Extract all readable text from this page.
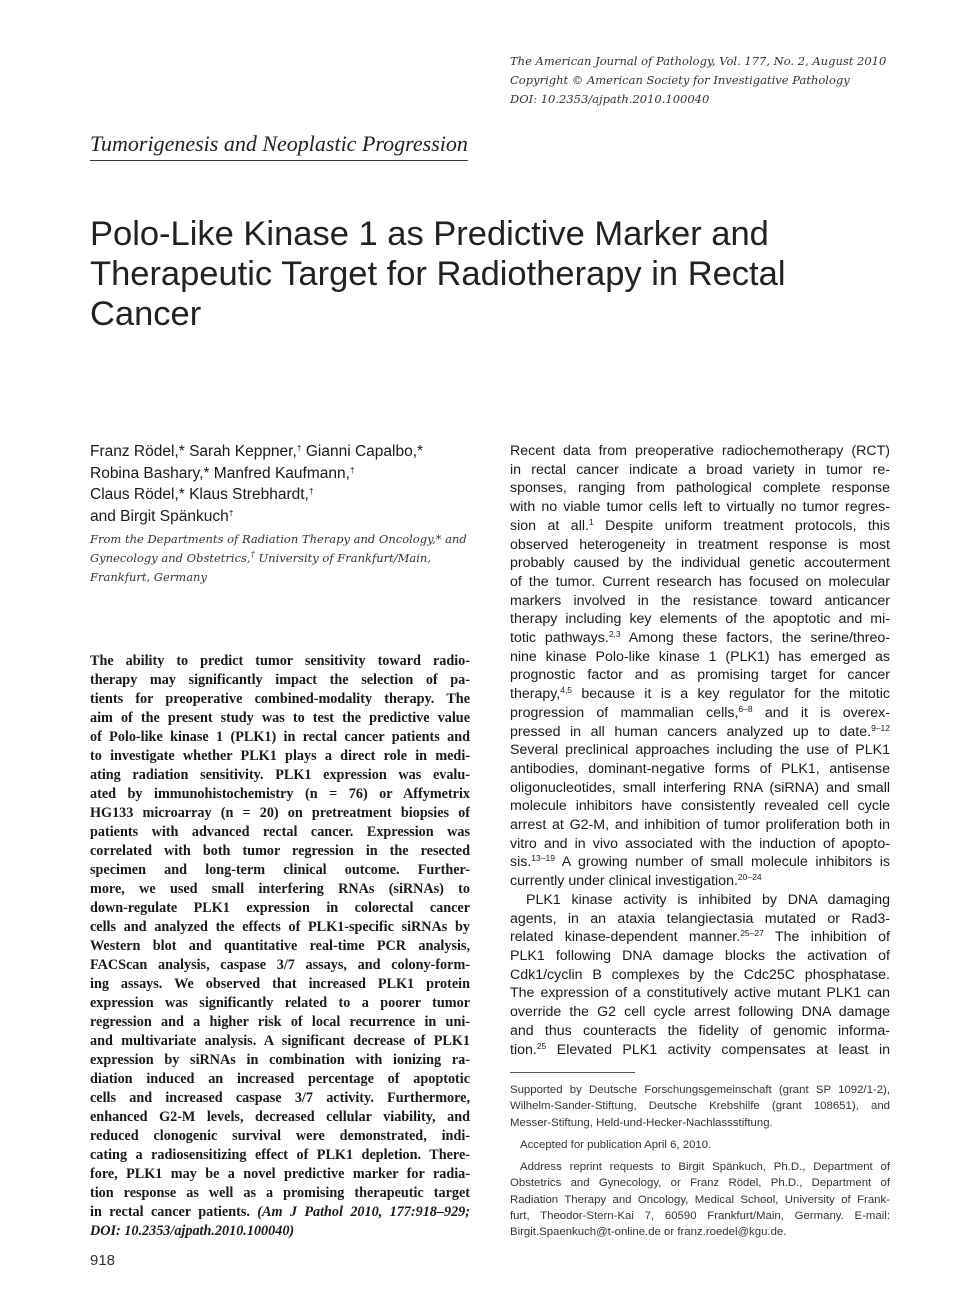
The American Journal of Pathology, Vol. 177, No. 2, August 2010
Copyright © American Society for Investigative Pathology
DOI: 10.2353/ajpath.2010.100040
Tumorigenesis and Neoplastic Progression
Polo-Like Kinase 1 as Predictive Marker and
Therapeutic Target for Radiotherapy in Rectal
Cancer
Franz Rödel,* Sarah Keppner,† Gianni Capalbo,*
Robina Bashary,* Manfred Kaufmann,†
Claus Rödel,* Klaus Strebhardt,†
and Birgit Spänkuch†
From the Departments of Radiation Therapy and Oncology,* and
Gynecology and Obstetrics,† University of Frankfurt/Main,
Frankfurt, Germany
The ability to predict tumor sensitivity toward radio-
therapy may significantly impact the selection of pa-
tients for preoperative combined-modality therapy. The
aim of the present study was to test the predictive value
of Polo-like kinase 1 (PLK1) in rectal cancer patients and
to investigate whether PLK1 plays a direct role in medi-
ating radiation sensitivity. PLK1 expression was evalu-
ated by immunohistochemistry (n = 76) or Affymetrix
HG133 microarray (n = 20) on pretreatment biopsies of
patients with advanced rectal cancer. Expression was
correlated with both tumor regression in the resected
specimen and long-term clinical outcome. Further-
more, we used small interfering RNAs (siRNAs) to
down-regulate PLK1 expression in colorectal cancer
cells and analyzed the effects of PLK1-specific siRNAs by
Western blot and quantitative real-time PCR analysis,
FACScan analysis, caspase 3/7 assays, and colony-form-
ing assays. We observed that increased PLK1 protein
expression was significantly related to a poorer tumor
regression and a higher risk of local recurrence in uni-
and multivariate analysis. A significant decrease of PLK1
expression by siRNAs in combination with ionizing ra-
diation induced an increased percentage of apoptotic
cells and increased caspase 3/7 activity. Furthermore,
enhanced G2-M levels, decreased cellular viability, and
reduced clonogenic survival were demonstrated, indi-
cating a radiosensitizing effect of PLK1 depletion. There-
fore, PLK1 may be a novel predictive marker for radia-
tion response as well as a promising therapeutic target
in rectal cancer patients. (Am J Pathol 2010, 177:918–929;
DOI: 10.2353/ajpath.2010.100040)
Recent data from preoperative radiochemotherapy (RCT)
in rectal cancer indicate a broad variety in tumor re-
sponses, ranging from pathological complete response
with no viable tumor cells left to virtually no tumor regres-
sion at all.$^1$ Despite uniform treatment protocols, this
observed heterogeneity in treatment response is most
probably caused by the individual genetic accouterment
of the tumor. Current research has focused on molecular
markers involved in the resistance toward anticancer
therapy including key elements of the apoptotic and mi-
totic pathways.$^{2,3}$ Among these factors, the serine/threo-
nine kinase Polo-like kinase 1 (PLK1) has emerged as
prognostic factor and as promising target for cancer
therapy,$^{4,5}$ because it is a key regulator for the mitotic
progression of mammalian cells,$^{6-8}$ and it is overex-
pressed in all human cancers analyzed up to date.$^{9-12}$
Several preclinical approaches including the use of PLK1
antibodies, dominant-negative forms of PLK1, antisense
oligonucleotides, small interfering RNA (siRNA) and small
molecule inhibitors have consistently revealed cell cycle
arrest at G2-M, and inhibition of tumor proliferation both in
vitro and in vivo associated with the induction of apopto-
sis.$^{13-19}$ A growing number of small molecule inhibitors is
currently under clinical investigation.$^{20-24}$
PLK1 kinase activity is inhibited by DNA damaging
agents, in an ataxia telangiectasia mutated or Rad3-
related kinase-dependent manner.$^{25-27}$ The inhibition of
PLK1 following DNA damage blocks the activation of
Cdk1/cyclin B complexes by the Cdc25C phosphatase.
The expression of a constitutively active mutant PLK1 can
override the G2 cell cycle arrest following DNA damage
and thus counteracts the fidelity of genomic informa-
tion.$^{25}$ Elevated PLK1 activity compensates at least in
Supported by Deutsche Forschungsgemeinschaft (grant SP 1092/1-2),
Wilhelm-Sander-Stiftung, Deutsche Krebshilfe (grant 108651), and
Messer-Stiftung, Held-und-Hecker-Nachlassstiftung.
Accepted for publication April 6, 2010.
Address reprint requests to Birgit Spänkuch, Ph.D., Department of
Obstetrics and Gynecology, or Franz Rödel, Ph.D., Department of
Radiation Therapy and Oncology, Medical School, University of Frank-
furt, Theodor-Stern-Kai 7, 60590 Frankfurt/Main, Germany. E-mail:
Birgit.Spaenkuch@t-online.de or franz.roedel@kgu.de.
918
